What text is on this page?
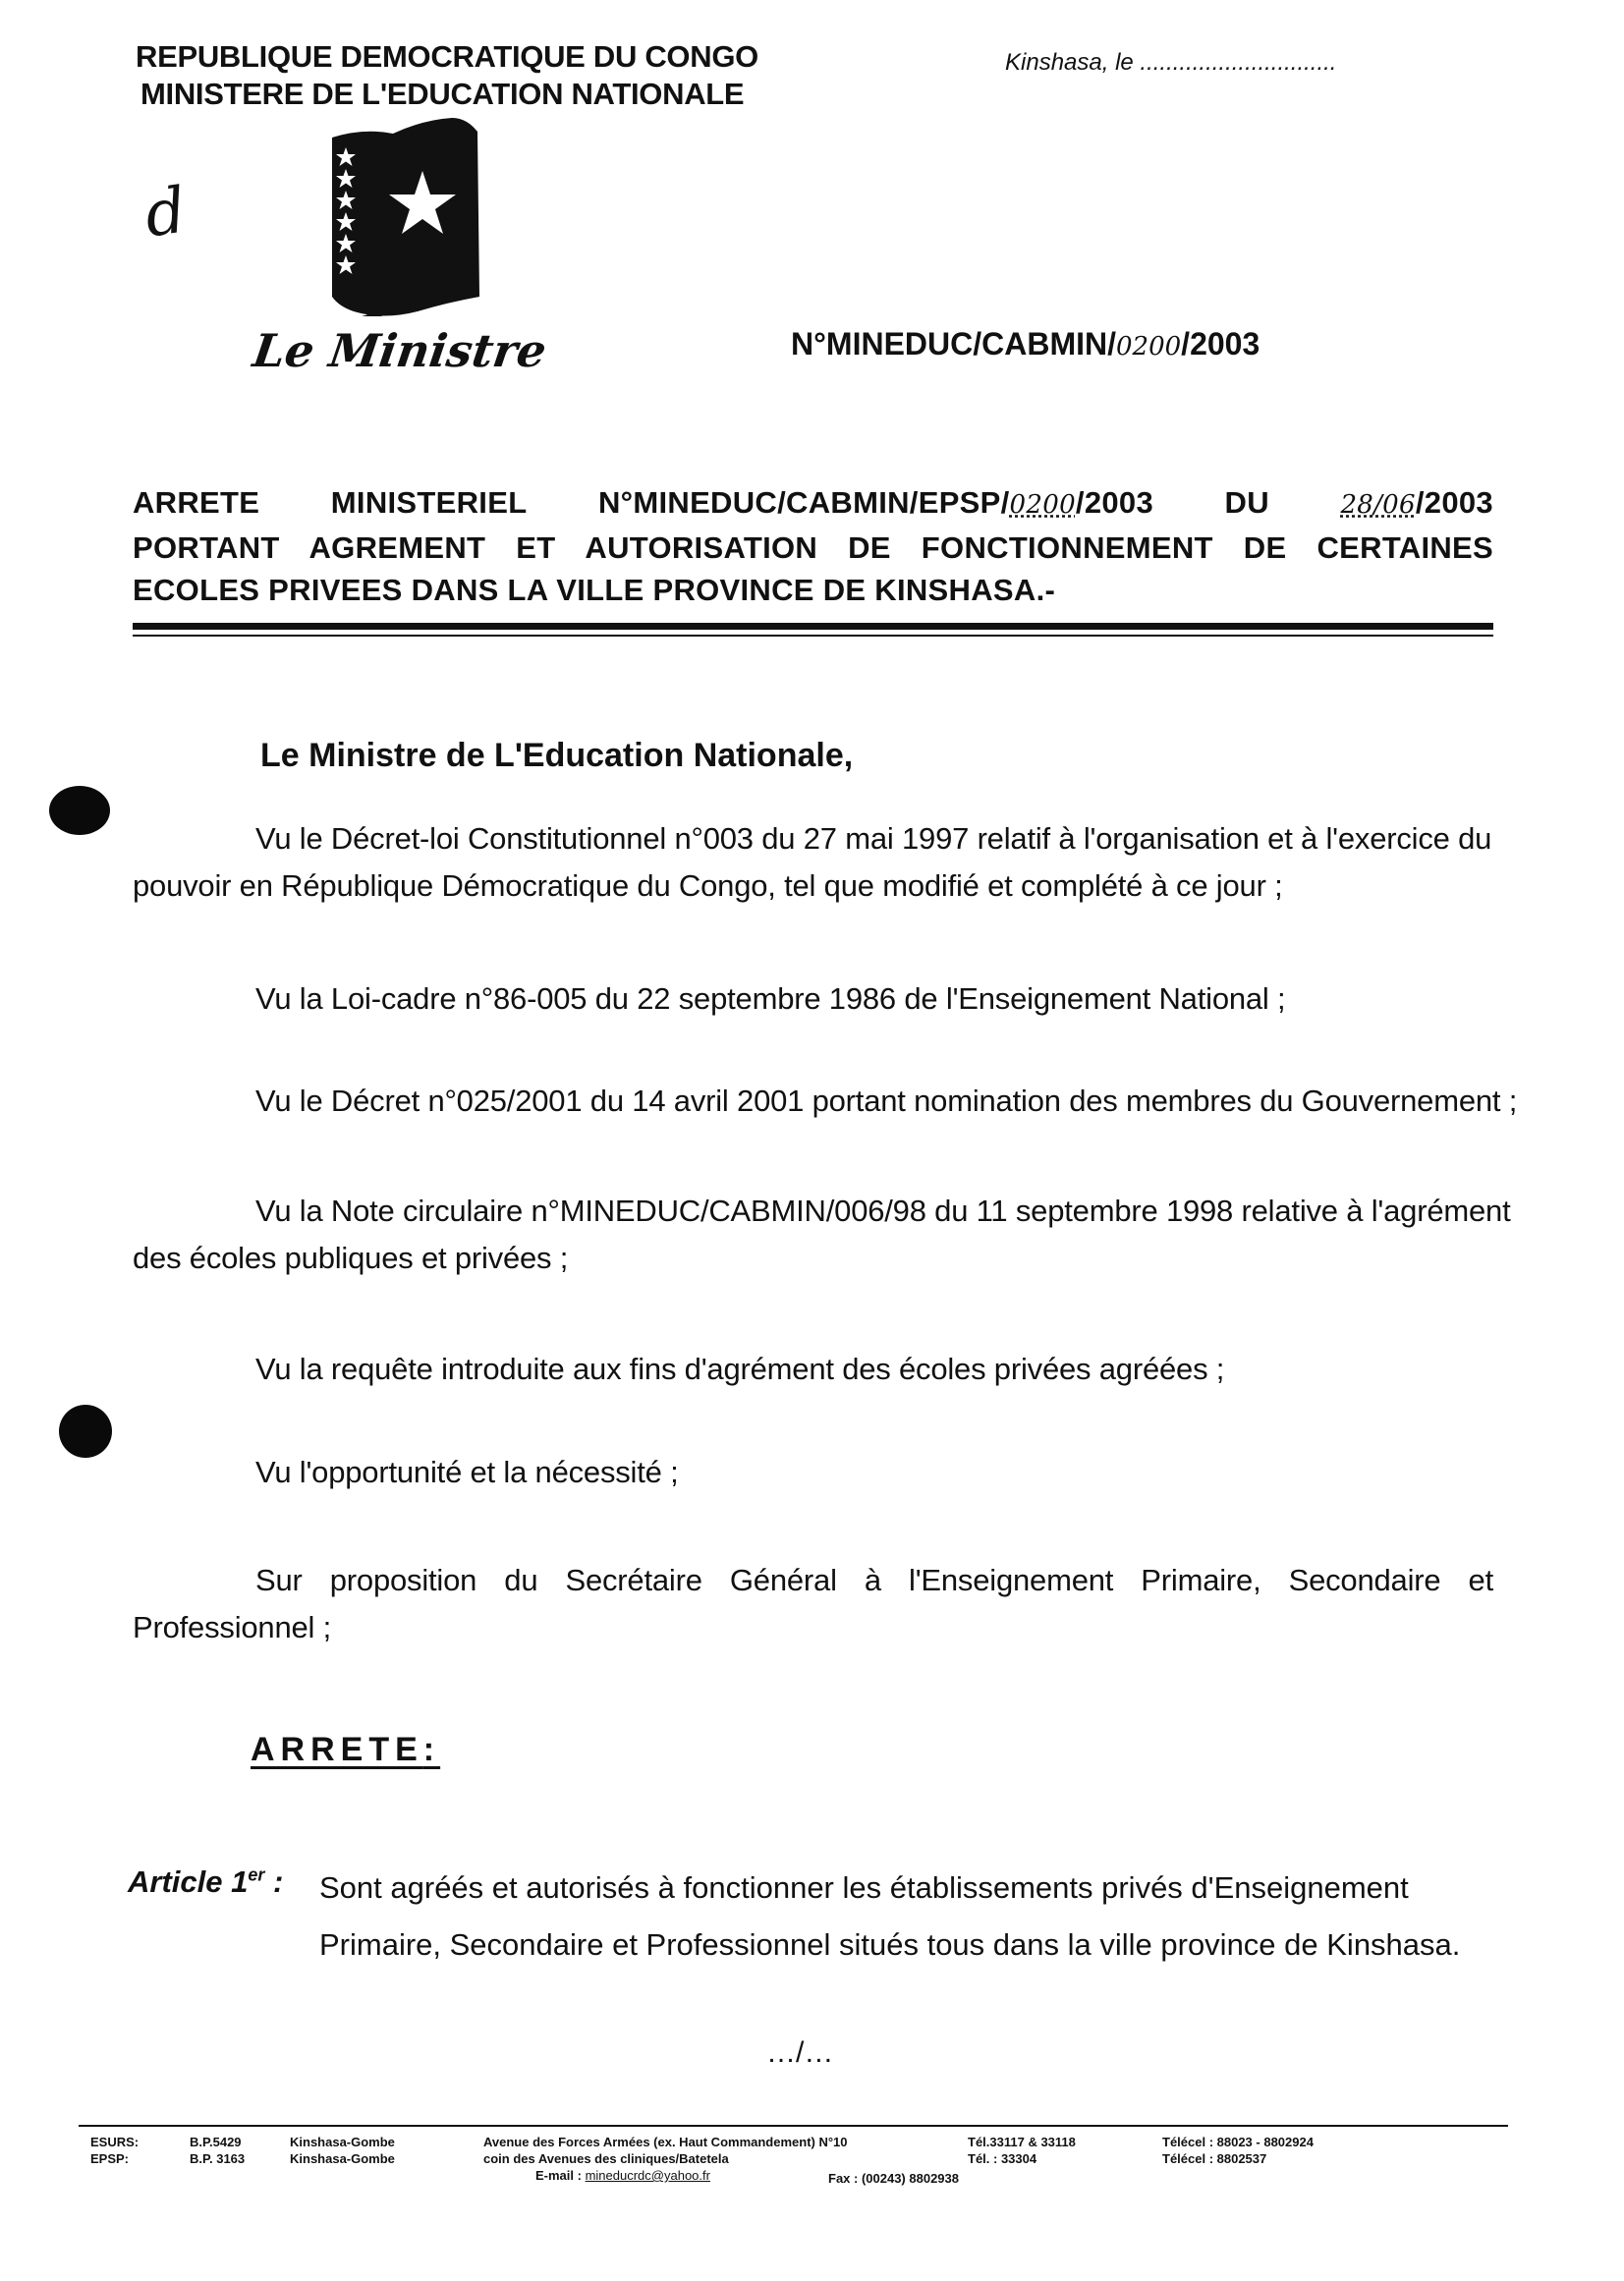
REPUBLIQUE DEMOCRATIQUE DU CONGO
MINISTERE DE L'EDUCATION NATIONALE
Kinshasa, le ..............................
d
Le Ministre	N°MINEDUC/CABMIN/0200/2003
ARRETE MINISTERIEL N°MINEDUC/CABMIN/EPSP/0200/2003 DU	28/06/2003
PORTANT AGREMENT ET AUTORISATION DE FONCTIONNEMENT DE CERTAINES
ECOLES PRIVEES DANS LA VILLE PROVINCE DE KINSHASA.-
Le Ministre de L'Education Nationale,
Vu le Décret-loi Constitutionnel n°003 du 27 mai 1997 relatif à l'organisation et à l'exercice du
pouvoir en République Démocratique du Congo, tel que modifié et complété à ce jour ;
Vu la Loi-cadre n°86-005 du 22 septembre 1986 de l'Enseignement National ;
Vu le Décret n°025/2001 du 14 avril 2001 portant nomination des membres du Gouvernement ;
Vu la Note circulaire n°MINEDUC/CABMIN/006/98 du 11 septembre 1998 relative à l'agrément
des écoles publiques et privées ;
Vu la requête introduite aux fins d'agrément des écoles privées agréées ;
Vu l'opportunité et la nécessité ;
Sur proposition du Secrétaire Général à l'Enseignement Primaire, Secondaire et
Professionnel ;
ARRETE:
Article 1er : Sont agréés et autorisés à fonctionner les établissements privés d'Enseignement
Primaire, Secondaire et Professionnel situés tous dans la ville province de Kinshasa.
…/…
ESURS:
EPSP:
B.P.5429
B.P. 3163
Kinshasa-Gombe
Kinshasa-Gombe
Avenue des Forces Armées (ex. Haut Commandement) N°10
coin des Avenues des cliniques/Batetela
E-mail : mineducrdc@yahoo.fr
Tél.33117 & 33118
Tél. : 33304
Fax : (00243) 8802938
Télécel : 88023 - 8802924
Télécel : 8802537
